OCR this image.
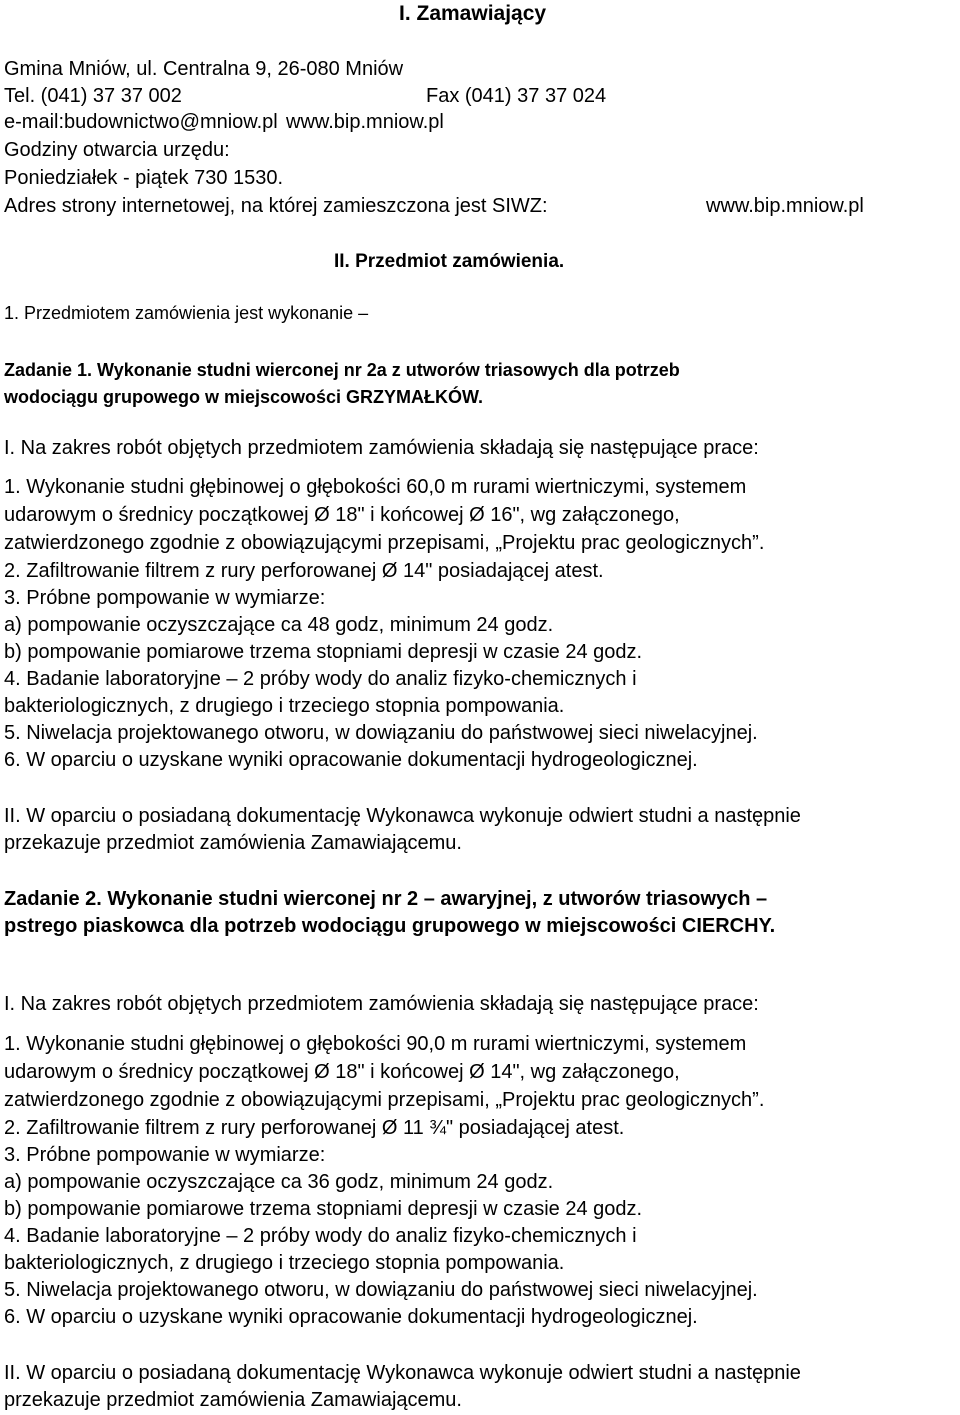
I. Zamawiający
Gmina Mniów, ul. Centralna 9, 26-080 Mniów
Tel. (041) 37 37 002	Fax (041) 37 37 024
e-mail:budownictwo@mniow.pl www.bip.mniow.pl
Godziny otwarcia urzędu:
Poniedziałek - piątek 730 1530.
Adres strony internetowej, na której zamieszczona jest SIWZ:	www.bip.mniow.pl
II. Przedmiot zamówienia.
1. Przedmiotem zamówienia jest wykonanie –
Zadanie 1. Wykonanie studni wierconej nr 2a z utworów triasowych dla potrzeb
wodociągu grupowego w miejscowości GRZYMAŁKÓW.
I. Na zakres robót objętych przedmiotem zamówienia składają się następujące prace:
1. Wykonanie studni głębinowej o głębokości 60,0 m rurami wiertniczymi, systemem
udarowym o średnicy początkowej Ø 18" i końcowej Ø 16", wg załączonego,
zatwierdzonego zgodnie z obowiązującymi przepisami, „Projektu prac geologicznych”.
2. Zafiltrowanie filtrem z rury perforowanej Ø 14" posiadającej atest.
3. Próbne pompowanie w wymiarze:
a) pompowanie oczyszczające ca 48 godz, minimum 24 godz.
b) pompowanie pomiarowe trzema stopniami depresji w czasie 24 godz.
4. Badanie laboratoryjne – 2 próby wody do analiz fizyko-chemicznych i
bakteriologicznych, z drugiego i trzeciego stopnia pompowania.
5. Niwelacja projektowanego otworu, w dowiązaniu do państwowej sieci niwelacyjnej.
6. W oparciu o uzyskane wyniki opracowanie dokumentacji hydrogeologicznej.
II. W oparciu o posiadaną dokumentację Wykonawca wykonuje odwiert studni a następnie
przekazuje przedmiot zamówienia Zamawiającemu.
Zadanie 2. Wykonanie studni wierconej nr 2 – awaryjnej, z utworów triasowych –
pstrego piaskowca dla potrzeb wodociągu grupowego w miejscowości CIERCHY.
I. Na zakres robót objętych przedmiotem zamówienia składają się następujące prace:
1. Wykonanie studni głębinowej o głębokości 90,0 m rurami wiertniczymi, systemem
udarowym o średnicy początkowej Ø 18" i końcowej Ø 14", wg załączonego,
zatwierdzonego zgodnie z obowiązującymi przepisami, „Projektu prac geologicznych”.
2. Zafiltrowanie filtrem z rury perforowanej Ø 11 ¾" posiadającej atest.
3. Próbne pompowanie w wymiarze:
a) pompowanie oczyszczające ca 36 godz, minimum 24 godz.
b) pompowanie pomiarowe trzema stopniami depresji w czasie 24 godz.
4. Badanie laboratoryjne – 2 próby wody do analiz fizyko-chemicznych i
bakteriologicznych, z drugiego i trzeciego stopnia pompowania.
5. Niwelacja projektowanego otworu, w dowiązaniu do państwowej sieci niwelacyjnej.
6. W oparciu o uzyskane wyniki opracowanie dokumentacji hydrogeologicznej.
II. W oparciu o posiadaną dokumentację Wykonawca wykonuje odwiert studni a następnie
przekazuje przedmiot zamówienia Zamawiającemu.
